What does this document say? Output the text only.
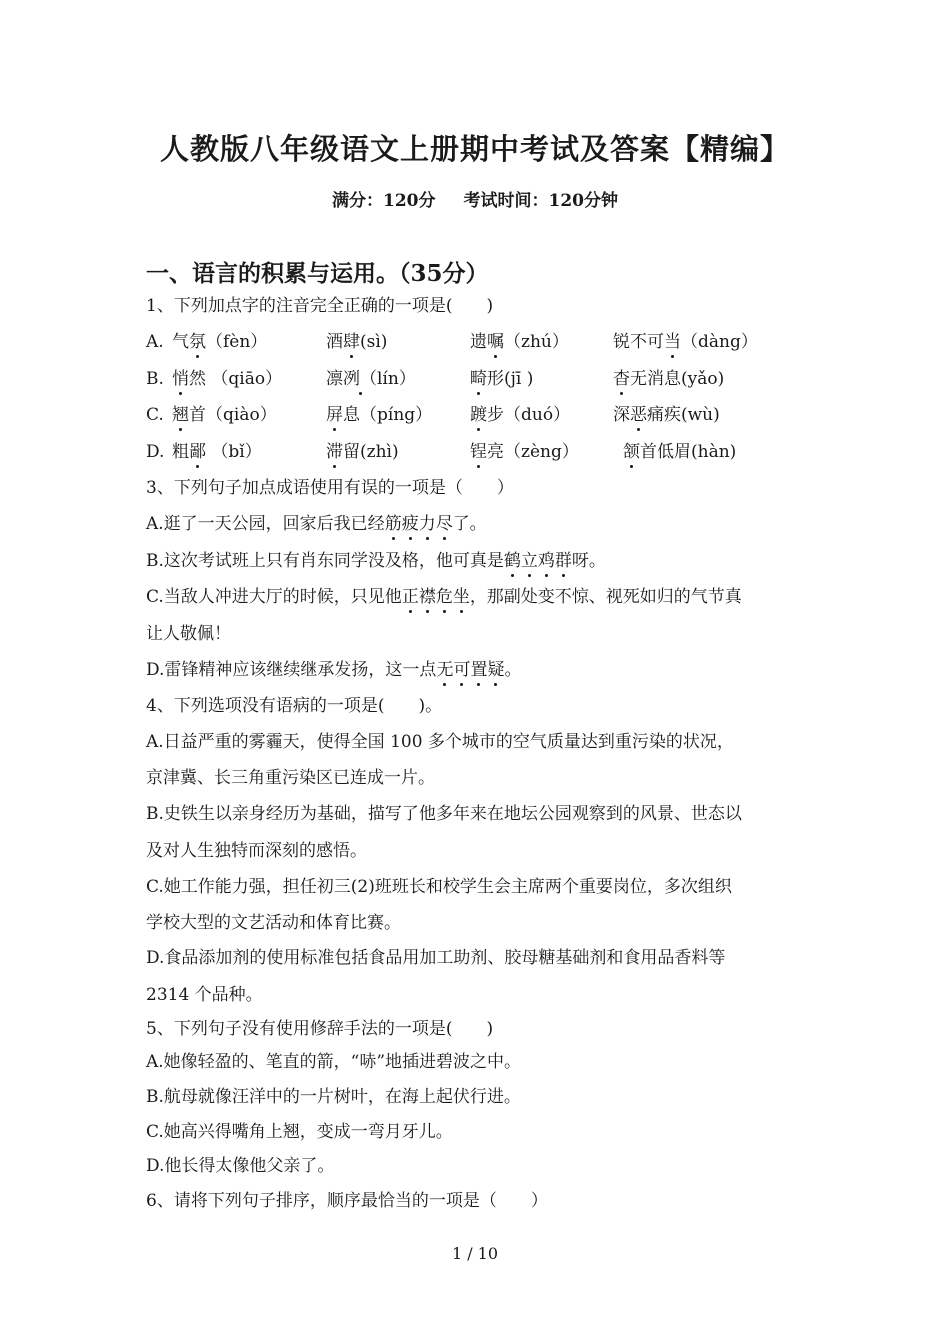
人教版八年级语文上册期中考试及答案【精编】
满分：120分 考试时间：120分钟
一、语言的积累与运用。（35分）
1、下列加点字的注音完全正确的一项是(　　)
A. 气氛（fèn）	酒肆(sì)	遗嘱（zhú）	锐不可当（dàng）
B. 悄然 （qiāo）	凛冽（lín）	畸形(jī )	杳无消息(yǎo)
C. 翘首（qiào）	屏息（píng） 踱步（duó）	深恶痛疾(wù)
D. 粗鄙 （bǐ）	滞留(zhì)	锃亮（zèng）	颔首低眉(hàn)
3、下列句子加点成语使用有误的一项是（　　）
A.逛了一天公园，回家后我已经筋疲力尽了。
B.这次考试班上只有肖东同学没及格，他可真是鹤立鸡群呀。
C.当敌人冲进大厅的时候，只见他正襟危坐，那副处变不惊、视死如归的气节真
让人敬佩！
D.雷锋精神应该继续继承发扬，这一点无可置疑。
4、下列选项没有语病的一项是(　　)。
A.日益严重的雾霾天，使得全国 100 多个城市的空气质量达到重污染的状况，
京津冀、长三角重污染区已连成一片。
B.史铁生以亲身经历为基础，描写了他多年来在地坛公园观察到的风景、世态以
及对人生独特而深刻的感悟。
C.她工作能力强，担任初三(2)班班长和校学生会主席两个重要岗位，多次组织
学校大型的文艺活动和体育比赛。
D.食品添加剂的使用标准包括食品用加工助剂、胶母糖基础剂和食用品香料等
2314 个品种。
5、下列句子没有使用修辞手法的一项是(　　)
A.她像轻盈的、笔直的箭，“哧”地插进碧波之中。
B.航母就像汪洋中的一片树叶，在海上起伏行进。
C.她高兴得嘴角上翘，变成一弯月牙儿。
D.他长得太像他父亲了。
6、请将下列句子排序，顺序最恰当的一项是（　　）
1 / 10
